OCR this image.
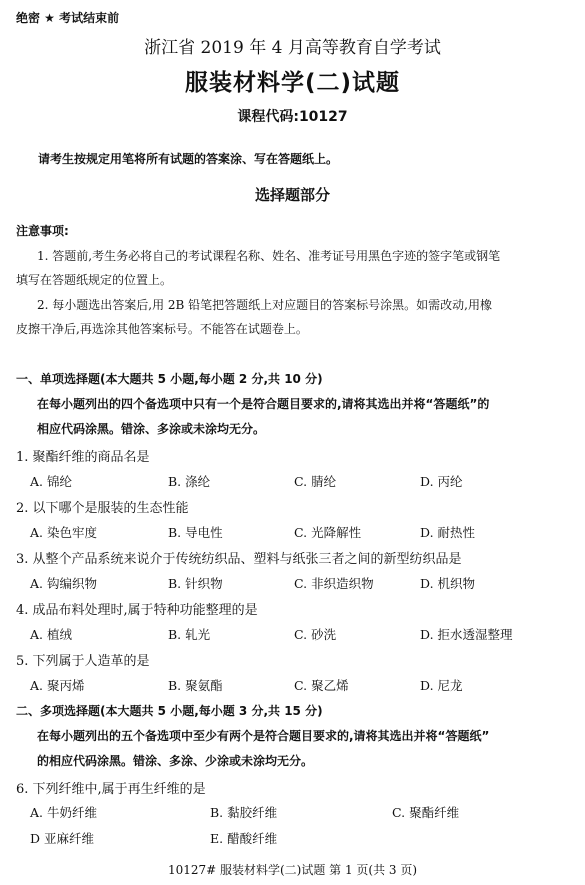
绝密 ★ 考试结束前
浙江省 2019 年 4 月高等教育自学考试
服装材料学(二)试题
课程代码:10127
请考生按规定用笔将所有试题的答案涂、写在答题纸上。
选择题部分
注意事项:
1. 答题前,考生务必将自己的考试课程名称、姓名、准考证号用黑色字迹的签字笔或钢笔
填写在答题纸规定的位置上。
2. 每小题选出答案后,用 2B 铅笔把答题纸上对应题目的答案标号涂黑。如需改动,用橡
皮擦干净后,再选涂其他答案标号。不能答在试题卷上。
一、单项选择题(本大题共 5 小题,每小题 2 分,共 10 分)
在每小题列出的四个备选项中只有一个是符合题目要求的,请将其选出并将“答题纸”的
相应代码涂黑。错涂、多涂或未涂均无分。
1. 聚酯纤维的商品名是
A. 锦纶	B. 涤纶	C. 腈纶	D. 丙纶
2. 以下哪个是服装的生态性能
A. 染色牢度	B. 导电性	C. 光降解性	D. 耐热性
3. 从整个产品系统来说介于传统纺织品、塑料与纸张三者之间的新型纺织品是
A. 钩编织物	B. 针织物	C. 非织造织物	D. 机织物
4. 成品布料处理时,属于特种功能整理的是
A. 植绒	B. 轧光	C. 砂洗	D. 拒水透湿整理
5. 下列属于人造革的是
A. 聚丙烯	B. 聚氨酯	C. 聚乙烯	D. 尼龙
二、多项选择题(本大题共 5 小题,每小题 3 分,共 15 分)
在每小题列出的五个备选项中至少有两个是符合题目要求的,请将其选出并将“答题纸”
的相应代码涂黑。错涂、多涂、少涂或未涂均无分。
6. 下列纤维中,属于再生纤维的是
A. 牛奶纤维	B. 黏胶纤维	C. 聚酯纤维
D 亚麻纤维	E. 醋酸纤维
10127# 服装材料学(二)试题 第 1 页(共 3 页)
